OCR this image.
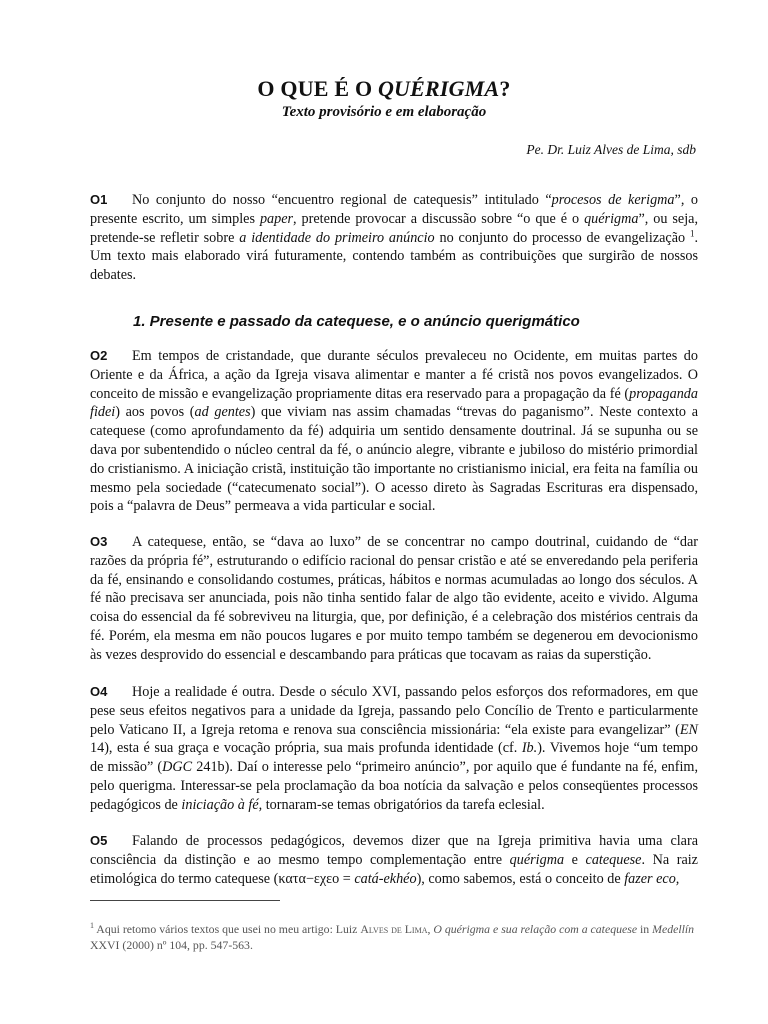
O QUE É O QUÉRIGMA?
Texto provisório e em elaboração
Pe. Dr. Luiz Alves de Lima, sdb

O1 No conjunto do nosso “encuentro regional de catequesis” intitulado “procesos de kerigma”, o presente escrito, um simples paper, pretende provocar a discussão sobre “o que é o quérigma”, ou seja, pretende-se refletir sobre a identidade do primeiro anúncio no conjunto do processo de evangelização $^1$. Um texto mais elaborado virá futuramente, contendo também as contribuições que surgirão de nossos debates.

1. Presente e passado da catequese, e o anúncio querigmático

O2 Em tempos de cristandade, que durante séculos prevaleceu no Ocidente, em muitas partes do Oriente e da África, a ação da Igreja visava alimentar e manter a fé cristã nos povos evangelizados. O conceito de missão e evangelização propriamente ditas era reservado para a propagação da fé (propaganda fidei) aos povos (ad gentes) que viviam nas assim chamadas “trevas do paganismo”. Neste contexto a catequese (como aprofundamento da fé) adquiria um sentido densamente doutrinal. Já se supunha ou se dava por subentendido o núcleo central da fé, o anúncio alegre, vibrante e jubiloso do mistério primordial do cristianismo. A iniciação cristã, instituição tão importante no cristianismo inicial, era feita na família ou mesmo pela sociedade (“catecumenato social”). O acesso direto às Sagradas Escrituras era dispensado, pois a “palavra de Deus” permeava a vida particular e social.

O3 A catequese, então, se “dava ao luxo” de se concentrar no campo doutrinal, cuidando de “dar razões da própria fé”, estruturando o edifício racional do pensar cristão e até se enveredando pela periferia da fé, ensinando e consolidando costumes, práticas, hábitos e normas acumuladas ao longo dos séculos. A fé não precisava ser anunciada, pois não tinha sentido falar de algo tão evidente, aceito e vivido. Alguma coisa do essencial da fé sobreviveu na liturgia, que, por definição, é a celebração dos mistérios centrais da fé. Porém, ela mesma em não poucos lugares e por muito tempo também se degenerou em devocionismo às vezes desprovido do essencial e descambando para práticas que tocavam as raias da superstição.

O4 Hoje a realidade é outra. Desde o século XVI, passando pelos esforços dos reformadores, em que pese seus efeitos negativos para a unidade da Igreja, passando pelo Concílio de Trento e particularmente pelo Vaticano II, a Igreja retoma e renova sua consciência missionária: “ela existe para evangelizar” (EN 14), esta é sua graça e vocação própria, sua mais profunda identidade (cf. Ib.). Vivemos hoje “um tempo de missão” (DGC 241b). Daí o interesse pelo “primeiro anúncio”, por aquilo que é fundante na fé, enfim, pelo querigma. Interessar-se pela proclamação da boa notícia da salvação e pelos conseqüentes processos pedagógicos de iniciação à fé, tornaram-se temas obrigatórios da tarefa eclesial.

O5 Falando de processos pedagógicos, devemos dizer que na Igreja primitiva havia uma clara consciência da distinção e ao mesmo tempo complementação entre quérigma e catequese. Na raiz etimológica do termo catequese (κατα−εχεο = catá-ekhéo), como sabemos, está o conceito de fazer eco,

$^1$ Aqui retomo vários textos que usei no meu artigo: Luiz Alves de Lima, O quérigma e sua relação com a catequese in Medellín XXVI (2000) nº 104, pp. 547-563.
